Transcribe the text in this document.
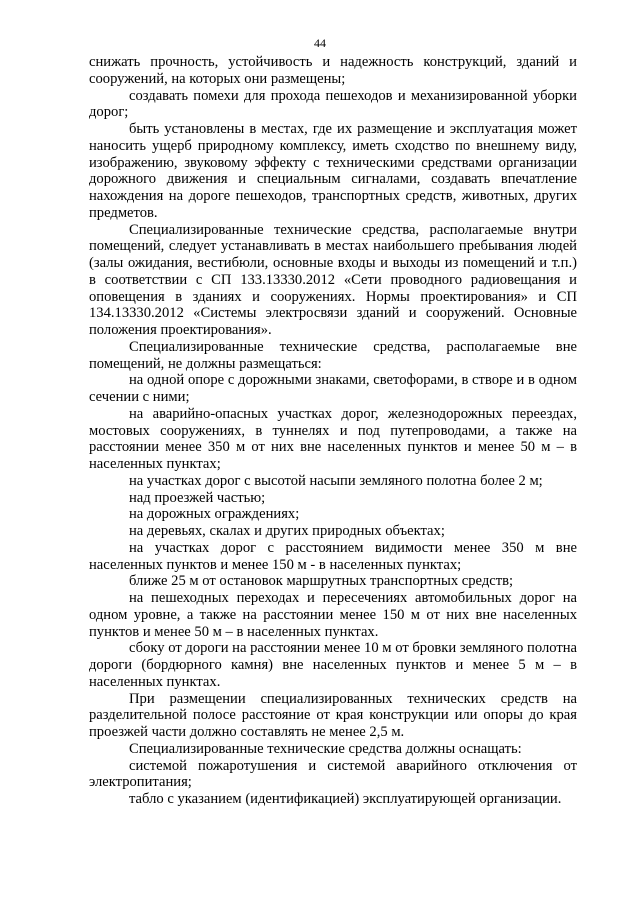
44

снижать прочность, устойчивость и надежность конструкций, зданий и сооружений, на которых они размещены;

создавать помехи для прохода пешеходов и механизированной уборки дорог;

быть установлены в местах, где их размещение и эксплуатация может наносить ущерб природному комплексу, иметь сходство по внешнему виду, изображению, звуковому эффекту с техническими средствами организации дорожного движения и специальным сигналами, создавать впечатление нахождения на дороге пешеходов, транспортных средств, животных, других предметов.

Специализированные технические средства, располагаемые внутри помещений, следует устанавливать в местах наибольшего пребывания людей (залы ожидания, вестибюли, основные входы и выходы из помещений и т.п.) в соответствии с СП 133.13330.2012 «Сети проводного радиовещания и оповещения в зданиях и сооружениях. Нормы проектирования» и СП 134.13330.2012 «Системы электросвязи зданий и сооружений. Основные положения проектирования».

Специализированные технические средства, располагаемые вне помещений, не должны размещаться:

на одной опоре с дорожными знаками, светофорами, в створе и в одном сечении с ними;

на аварийно-опасных участках дорог, железнодорожных переездах, мостовых сооружениях, в туннелях и под путепроводами, а также на расстоянии менее 350 м от них вне населенных пунктов и менее 50 м – в населенных пунктах;

на участках дорог с высотой насыпи земляного полотна более 2 м;

над проезжей частью;

на дорожных ограждениях;

на деревьях, скалах и других природных объектах;

на участках дорог с расстоянием видимости менее 350 м вне населенных пунктов и менее 150 м - в населенных пунктах;

ближе 25 м от остановок маршрутных транспортных средств;

на пешеходных переходах и пересечениях автомобильных дорог на одном уровне, а также на расстоянии менее 150 м от них вне населенных пунктов и менее 50 м – в населенных пунктах.

сбоку от дороги на расстоянии менее 10 м от бровки земляного полотна дороги (бордюрного камня) вне населенных пунктов и менее 5 м – в населенных пунктах.

При размещении специализированных технических средств на разделительной полосе расстояние от края конструкции или опоры до края проезжей части должно составлять не менее 2,5 м.

Специализированные технические средства должны оснащать:

системой пожаротушения и системой аварийного отключения от электропитания;

табло с указанием (идентификацией) эксплуатирующей организации.
